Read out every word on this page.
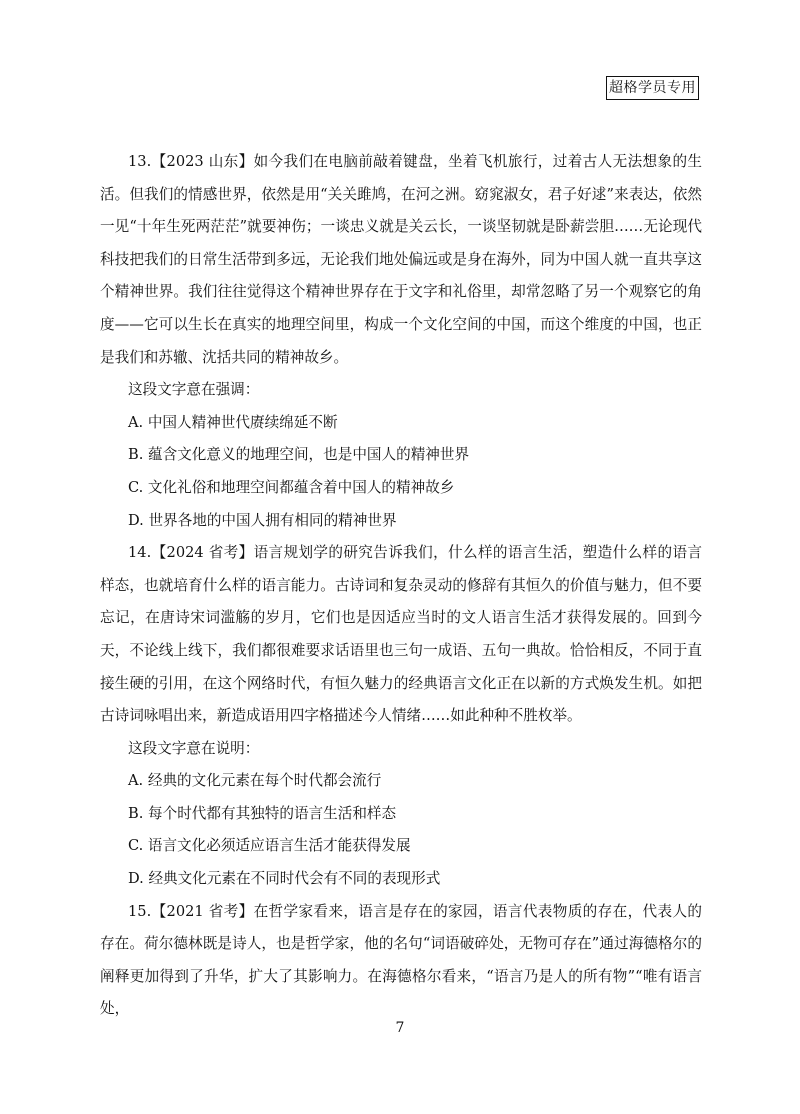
超格学员专用

13.【2023 山东】如今我们在电脑前敲着键盘，坐着飞机旅行，过着古人无法想象的生活。但我们的情感世界，依然是用“关关雎鸠，在河之洲。窈窕淑女，君子好逑”来表达，依然一见“十年生死两茫茫”就要神伤；一谈忠义就是关云长，一谈坚韧就是卧薪尝胆……无论现代科技把我们的日常生活带到多远，无论我们地处偏远或是身在海外，同为中国人就一直共享这个精神世界。我们往往觉得这个精神世界存在于文字和礼俗里，却常忽略了另一个观察它的角度——它可以生长在真实的地理空间里，构成一个文化空间的中国，而这个维度的中国，也正是我们和苏辙、沈括共同的精神故乡。

这段文字意在强调：

A. 中国人精神世代赓续绵延不断

B. 蕴含文化意义的地理空间，也是中国人的精神世界

C. 文化礼俗和地理空间都蕴含着中国人的精神故乡

D. 世界各地的中国人拥有相同的精神世界

14.【2024 省考】语言规划学的研究告诉我们，什么样的语言生活，塑造什么样的语言样态，也就培育什么样的语言能力。古诗词和复杂灵动的修辞有其恒久的价值与魅力，但不要忘记，在唐诗宋词滥觞的岁月，它们也是因适应当时的文人语言生活才获得发展的。回到今天，不论线上线下，我们都很难要求话语里也三句一成语、五句一典故。恰恰相反，不同于直接生硬的引用，在这个网络时代，有恒久魅力的经典语言文化正在以新的方式焕发生机。如把古诗词咏唱出来，新造成语用四字格描述今人情绪……如此种种不胜枚举。

这段文字意在说明：

A. 经典的文化元素在每个时代都会流行

B. 每个时代都有其独特的语言生活和样态

C. 语言文化必须适应语言生活才能获得发展

D. 经典文化元素在不同时代会有不同的表现形式

15.【2021 省考】在哲学家看来，语言是存在的家园，语言代表物质的存在，代表人的存在。荷尔德林既是诗人，也是哲学家，他的名句“词语破碎处，无物可存在”通过海德格尔的阐释更加得到了升华，扩大了其影响力。在海德格尔看来，“语言乃是人的所有物”“唯有语言处，

7
